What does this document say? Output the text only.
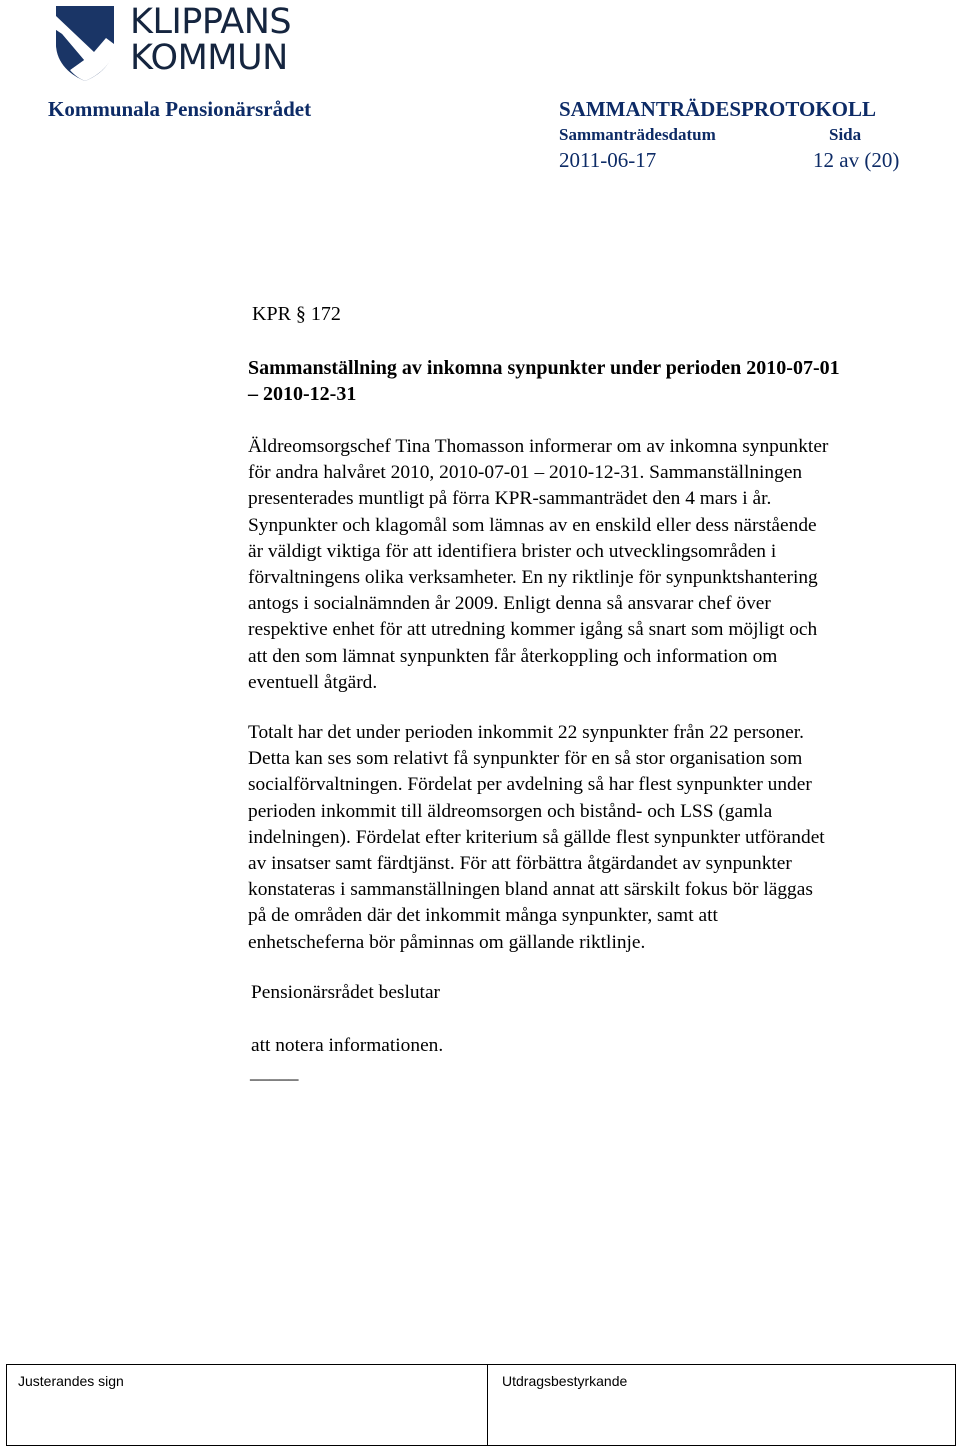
KLIPPANS
KOMMUN
Kommunala Pensionärsrådet	SAMMANTRÄDESPROTOKOLL
Sammanträdesdatum	Sida
2011-06-17	12 av (20)
KPR § 172
Sammanställning av inkomna synpunkter under perioden 2010-07-01
– 2010-12-31
Äldreomsorgschef Tina Thomasson informerar om av inkomna synpunkter
för andra halvåret 2010, 2010-07-01 – 2010-12-31. Sammanställningen
presenterades muntligt på förra KPR-sammanträdet den 4 mars i år.
Synpunkter och klagomål som lämnas av en enskild eller dess närstående
är väldigt viktiga för att identifiera brister och utvecklingsområden i
förvaltningens olika verksamheter. En ny riktlinje för synpunktshantering
antogs i socialnämnden år 2009. Enligt denna så ansvarar chef över
respektive enhet för att utredning kommer igång så snart som möjligt och
att den som lämnat synpunkten får återkoppling och information om
eventuell åtgärd.
Totalt har det under perioden inkommit 22 synpunkter från 22 personer.
Detta kan ses som relativt få synpunkter för en så stor organisation som
socialförvaltningen. Fördelat per avdelning så har flest synpunkter under
perioden inkommit till äldreomsorgen och bistånd- och LSS (gamla
indelningen). Fördelat efter kriterium så gällde flest synpunkter utförandet
av insatser samt färdtjänst. För att förbättra åtgärdandet av synpunkter
konstateras i sammanställningen bland annat att särskilt fokus bör läggas
på de områden där det inkommit många synpunkter, samt att
enhetscheferna bör påminnas om gällande riktlinje.
Pensionärsrådet beslutar
att notera informationen.
_____
Justerandes sign	Utdragsbestyrkande
